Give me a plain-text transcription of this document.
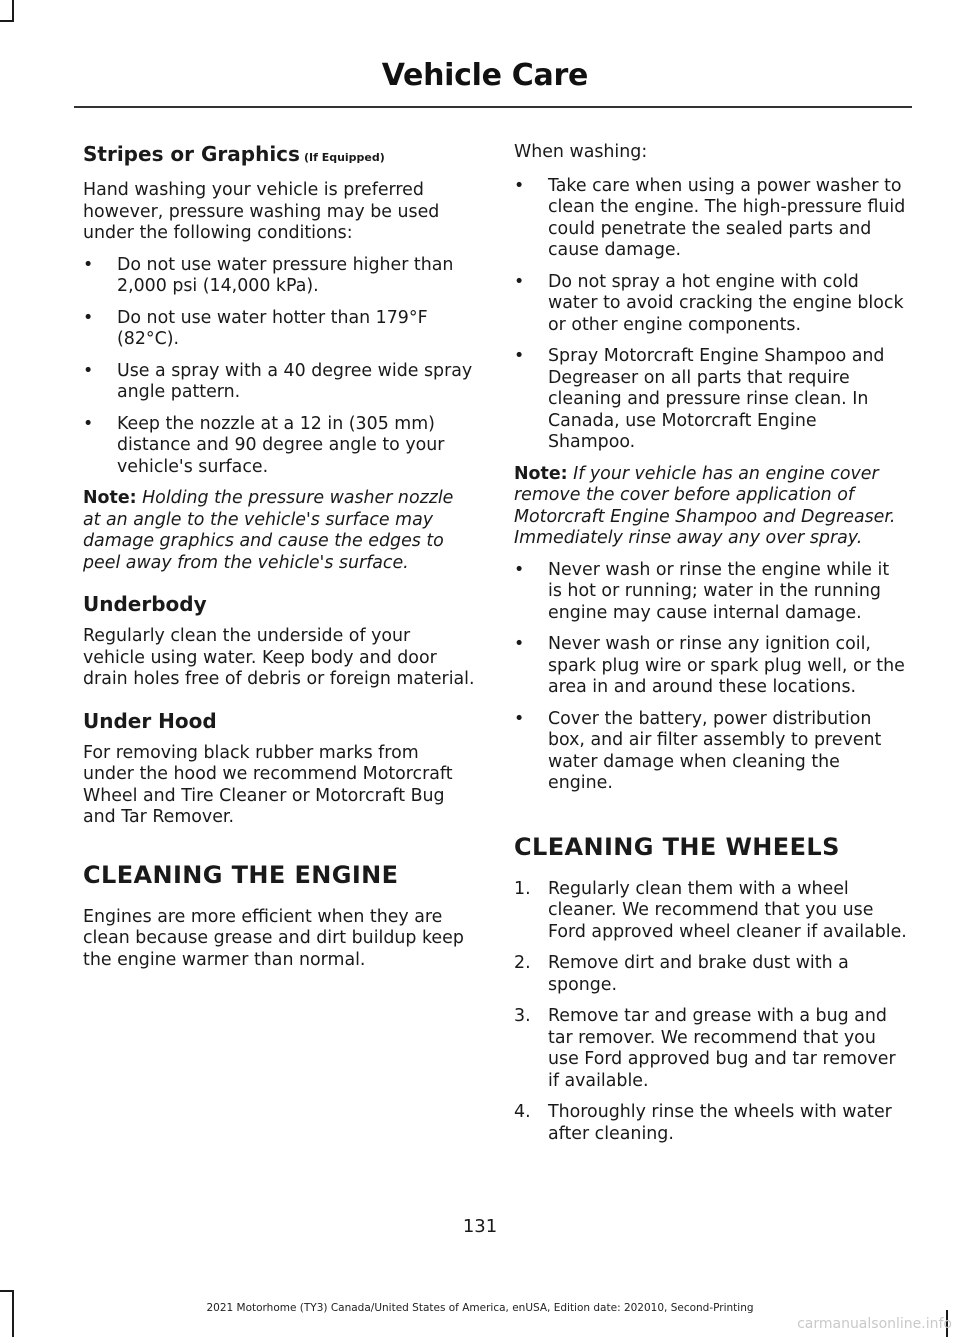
Vehicle Care
Stripes or Graphics (If Equipped)

Hand washing your vehicle is preferred however, pressure washing may be used under the following conditions:

• Do not use water pressure higher than 2,000 psi (14,000 kPa).
• Do not use water hotter than 179°F (82°C).
• Use a spray with a 40 degree wide spray angle pattern.
• Keep the nozzle at a 12 in (305 mm) distance and 90 degree angle to your vehicle's surface.

Note: Holding the pressure washer nozzle at an angle to the vehicle's surface may damage graphics and cause the edges to peel away from the vehicle's surface.

Underbody

Regularly clean the underside of your vehicle using water. Keep body and door drain holes free of debris or foreign material.

Under Hood

For removing black rubber marks from under the hood we recommend Motorcraft Wheel and Tire Cleaner or Motorcraft Bug and Tar Remover.

CLEANING THE ENGINE

Engines are more efficient when they are clean because grease and dirt buildup keep the engine warmer than normal.

When washing:

• Take care when using a power washer to clean the engine. The high-pressure fluid could penetrate the sealed parts and cause damage.
• Do not spray a hot engine with cold water to avoid cracking the engine block or other engine components.
• Spray Motorcraft Engine Shampoo and Degreaser on all parts that require cleaning and pressure rinse clean. In Canada, use Motorcraft Engine Shampoo.

Note: If your vehicle has an engine cover remove the cover before application of Motorcraft Engine Shampoo and Degreaser. Immediately rinse away any over spray.

• Never wash or rinse the engine while it is hot or running; water in the running engine may cause internal damage.
• Never wash or rinse any ignition coil, spark plug wire or spark plug well, or the area in and around these locations.
• Cover the battery, power distribution box, and air filter assembly to prevent water damage when cleaning the engine.
CLEANING THE WHEELS
1. Regularly clean them with a wheel cleaner. We recommend that you use Ford approved wheel cleaner if available.
2. Remove dirt and brake dust with a sponge.
3. Remove tar and grease with a bug and tar remover. We recommend that you use Ford approved bug and tar remover if available.
4. Thoroughly rinse the wheels with water after cleaning.
131
2021 Motorhome (TY3) Canada/United States of America, enUSA, Edition date: 202010, Second-Printing
carmanualsonline.info
